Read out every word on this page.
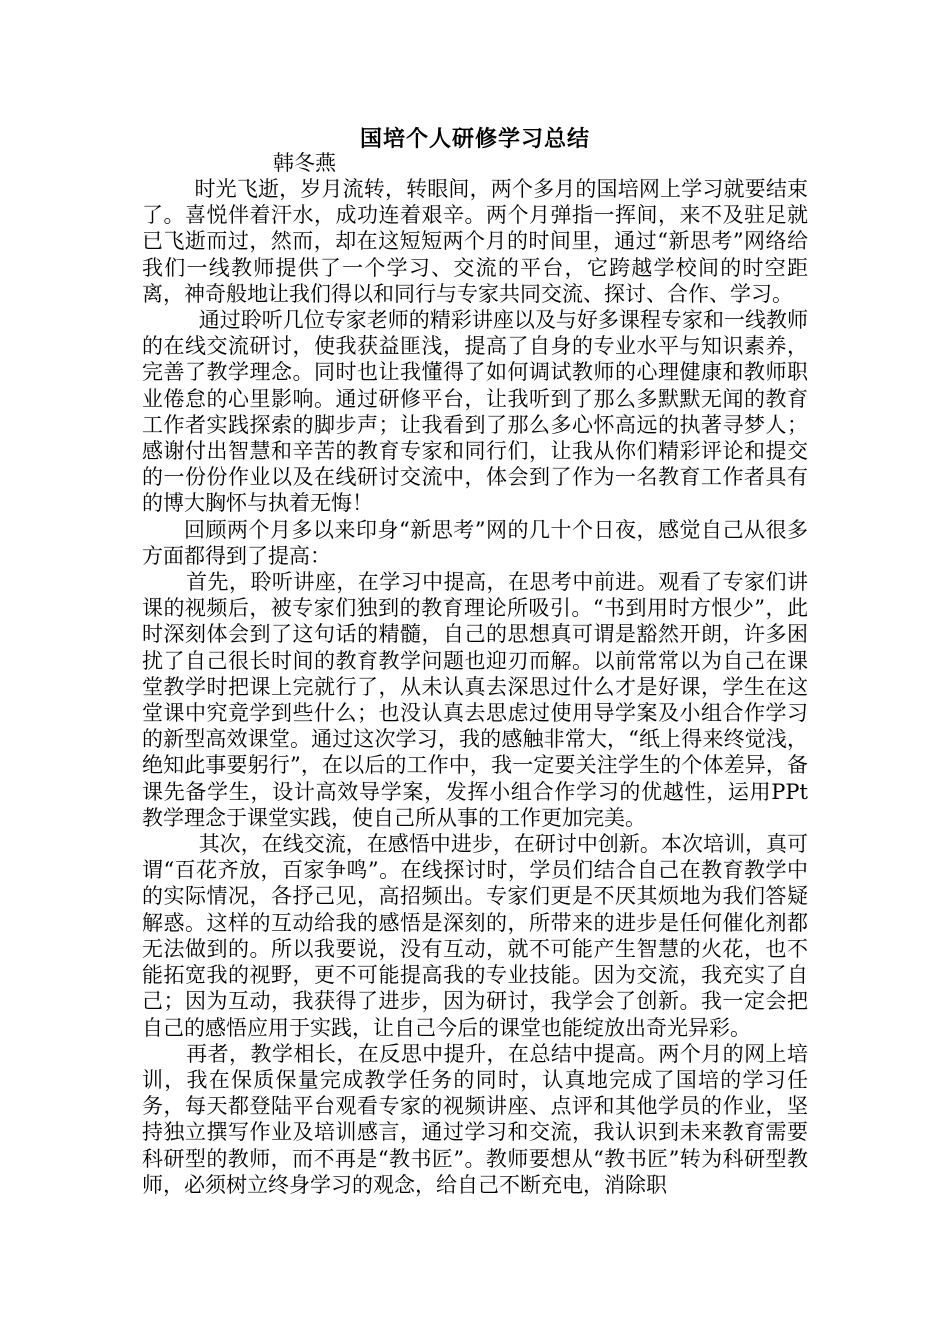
国培个人研修学习总结
韩冬燕

时光飞逝，岁月流转，转眼间，两个多月的国培网上学习就要结束了。喜悦伴着汗水，成功连着艰辛。两个月弹指一挥间，来不及驻足就已飞逝而过，然而，却在这短短两个月的时间里，通过“新思考”网络给我们一线教师提供了一个学习、交流的平台，它跨越学校间的时空距离，神奇般地让我们得以和同行与专家共同交流、探讨、合作、学习。

通过聆听几位专家老师的精彩讲座以及与好多课程专家和一线教师的在线交流研讨，使我获益匪浅，提高了自身的专业水平与知识素养，完善了教学理念。同时也让我懂得了如何调试教师的心理健康和教师职业倦怠的心里影响。通过研修平台，让我听到了那么多默默无闻的教育工作者实践探索的脚步声；让我看到了那么多心怀高远的执著寻梦人；感谢付出智慧和辛苦的教育专家和同行们，让我从你们精彩评论和提交的一份份作业以及在线研讨交流中，体会到了作为一名教育工作者具有的博大胸怀与执着无悔！

回顾两个月多以来印身“新思考”网的几十个日夜，感觉自己从很多方面都得到了提高：

首先，聆听讲座，在学习中提高，在思考中前进。观看了专家们讲课的视频后，被专家们独到的教育理论所吸引。“书到用时方恨少”，此时深刻体会到了这句话的精髓，自己的思想真可谓是豁然开朗，许多困扰了自己很长时间的教育教学问题也迎刃而解。以前常常以为自己在课堂教学时把课上完就行了，从未认真去深思过什么才是好课，学生在这堂课中究竟学到些什么；也没认真去思虑过使用导学案及小组合作学习的新型高效课堂。通过这次学习，我的感触非常大，“纸上得来终觉浅，绝知此事要躬行”，在以后的工作中，我一定要关注学生的个体差异，备课先备学生，设计高效导学案，发挥小组合作学习的优越性，运用PPt教学理念于课堂实践，使自己所从事的工作更加完美。

其次，在线交流，在感悟中进步，在研讨中创新。本次培训，真可谓“百花齐放，百家争鸣”。在线探讨时，学员们结合自己在教育教学中的实际情况，各抒己见，高招频出。专家们更是不厌其烦地为我们答疑解惑。这样的互动给我的感悟是深刻的，所带来的进步是任何催化剂都无法做到的。所以我要说，没有互动，就不可能产生智慧的火花，也不能拓宽我的视野，更不可能提高我的专业技能。因为交流，我充实了自己；因为互动，我获得了进步，因为研讨，我学会了创新。我一定会把自己的感悟应用于实践，让自己今后的课堂也能绽放出奇光异彩。

再者，教学相长，在反思中提升，在总结中提高。两个月的网上培训，我在保质保量完成教学任务的同时，认真地完成了国培的学习任务，每天都登陆平台观看专家的视频讲座、点评和其他学员的作业，坚持独立撰写作业及培训感言，通过学习和交流，我认识到未来教育需要科研型的教师，而不再是“教书匠”。教师要想从“教书匠”转为科研型教师，必须树立终身学习的观念，给自己不断充电，消除职
